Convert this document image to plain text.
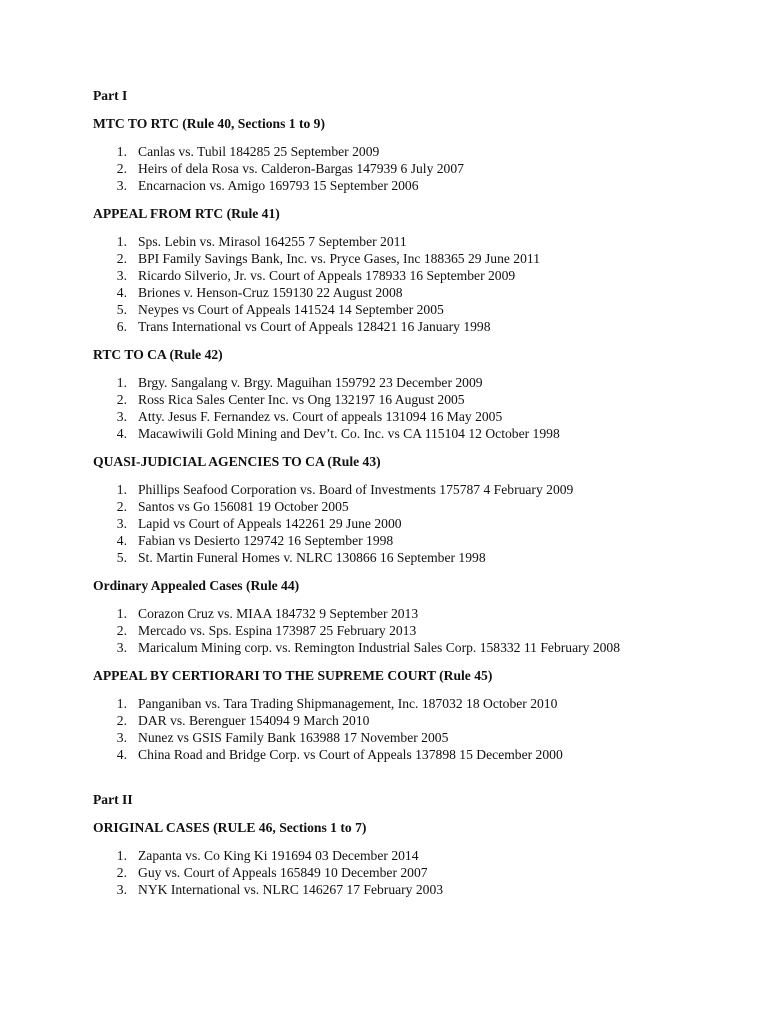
Part I

MTC TO RTC (Rule 40, Sections 1 to 9)

1. Canlas vs. Tubil 184285 25 September 2009
2. Heirs of dela Rosa vs. Calderon-Bargas 147939 6 July 2007
3. Encarnacion vs. Amigo 169793 15 September 2006

APPEAL FROM RTC (Rule 41)

1. Sps. Lebin vs. Mirasol 164255 7 September 2011
2. BPI Family Savings Bank, Inc. vs. Pryce Gases, Inc 188365 29 June 2011
3. Ricardo Silverio, Jr. vs. Court of Appeals 178933 16 September 2009
4. Briones v. Henson-Cruz 159130 22 August 2008
5. Neypes vs Court of Appeals 141524 14 September 2005
6. Trans International vs Court of Appeals 128421 16 January 1998

RTC TO CA (Rule 42)

1. Brgy. Sangalang v. Brgy. Maguihan 159792 23 December 2009
2. Ross Rica Sales Center Inc. vs Ong 132197 16 August 2005
3. Atty. Jesus F. Fernandez vs. Court of appeals 131094 16 May 2005
4. Macawiwili Gold Mining and Dev’t. Co. Inc. vs CA 115104 12 October 1998

QUASI-JUDICIAL AGENCIES TO CA (Rule 43)

1. Phillips Seafood Corporation vs. Board of Investments 175787 4 February 2009
2. Santos vs Go 156081 19 October 2005
3. Lapid vs Court of Appeals 142261 29 June 2000
4. Fabian vs Desierto 129742 16 September 1998
5. St. Martin Funeral Homes v. NLRC 130866 16 September 1998

Ordinary Appealed Cases (Rule 44)

1. Corazon Cruz vs. MIAA 184732 9 September 2013
2. Mercado vs. Sps. Espina 173987 25 February 2013
3. Maricalum Mining corp. vs. Remington Industrial Sales Corp. 158332 11 February 2008

APPEAL BY CERTIORARI TO THE SUPREME COURT (Rule 45)

1. Panganiban vs. Tara Trading Shipmanagement, Inc. 187032 18 October 2010
2. DAR vs. Berenguer 154094 9 March 2010
3. Nunez vs GSIS Family Bank 163988 17 November 2005
4. China Road and Bridge Corp. vs Court of Appeals 137898 15 December 2000

Part II

ORIGINAL CASES (RULE 46, Sections 1 to 7)

1. Zapanta vs. Co King Ki 191694 03 December 2014
2. Guy vs. Court of Appeals 165849 10 December 2007
3. NYK International vs. NLRC 146267 17 February 2003
